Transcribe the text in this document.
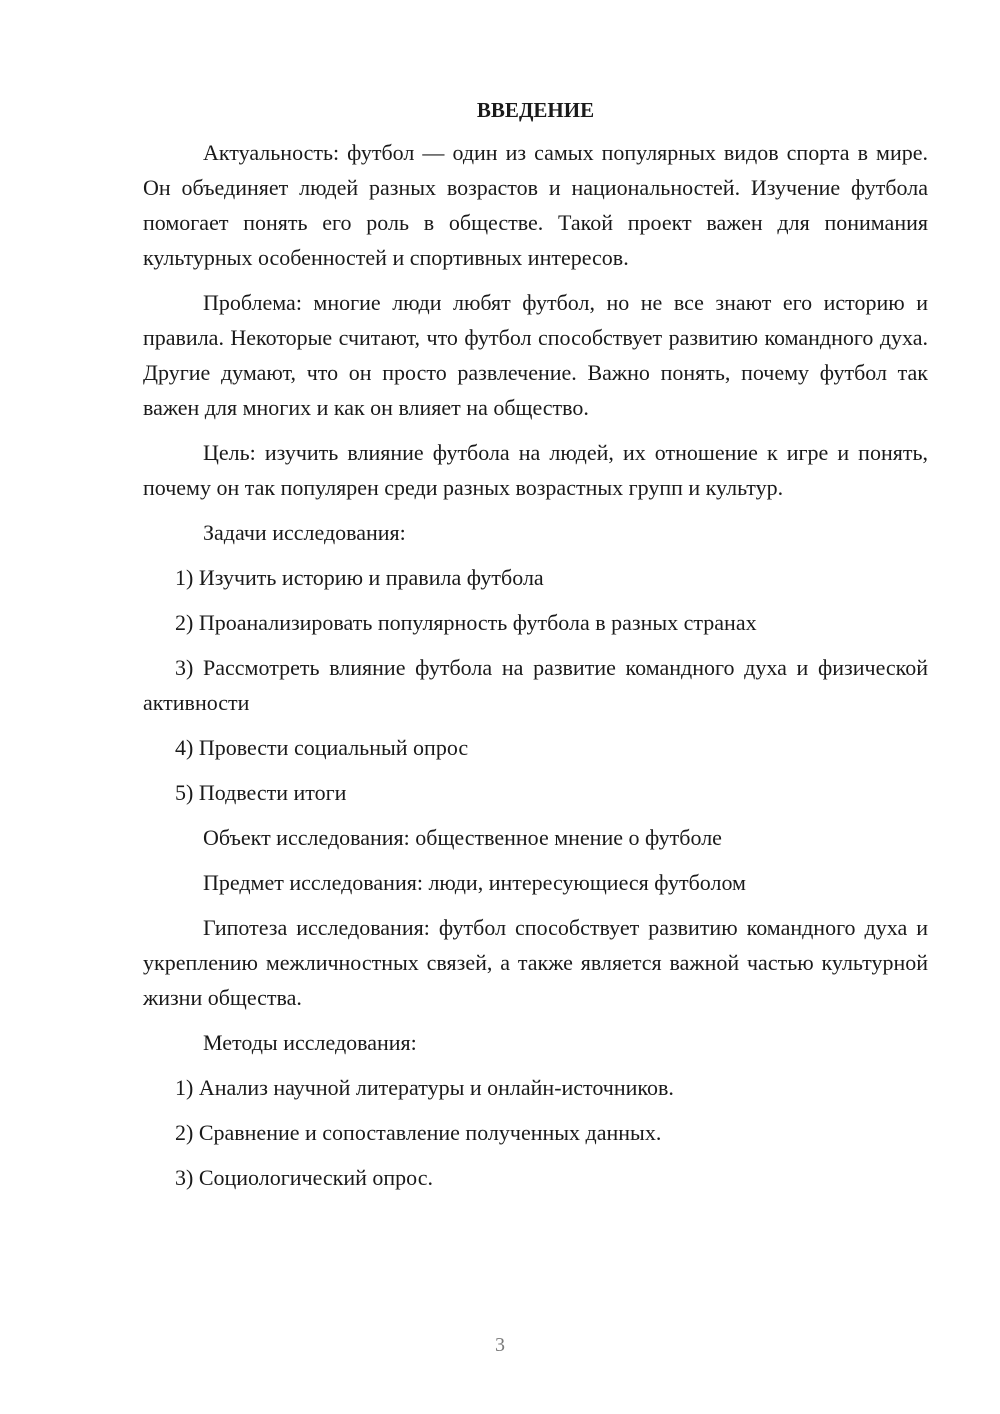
ВВЕДЕНИЕ

Актуальность: футбол — один из самых популярных видов спорта в мире. Он объединяет людей разных возрастов и национальностей. Изучение футбола помогает понять его роль в обществе. Такой проект важен для понимания культурных особенностей и спортивных интересов.

Проблема: многие люди любят футбол, но не все знают его историю и правила. Некоторые считают, что футбол способствует развитию командного духа. Другие думают, что он просто развлечение. Важно понять, почему футбол так важен для многих и как он влияет на общество.

Цель: изучить влияние футбола на людей, их отношение к игре и понять, почему он так популярен среди разных возрастных групп и культур.

Задачи исследования:

1) Изучить историю и правила футбола

2) Проанализировать популярность футбола в разных странах

3) Рассмотреть влияние футбола на развитие командного духа и физической активности

4) Провести социальный опрос

5) Подвести итоги

Объект исследования: общественное мнение о футболе

Предмет исследования: люди, интересующиеся футболом

Гипотеза исследования: футбол способствует развитию командного духа и укреплению межличностных связей, а также является важной частью культурной жизни общества.

Методы исследования:

1) Анализ научной литературы и онлайн-источников.

2) Сравнение и сопоставление полученных данных.

3) Социологический опрос.

3
